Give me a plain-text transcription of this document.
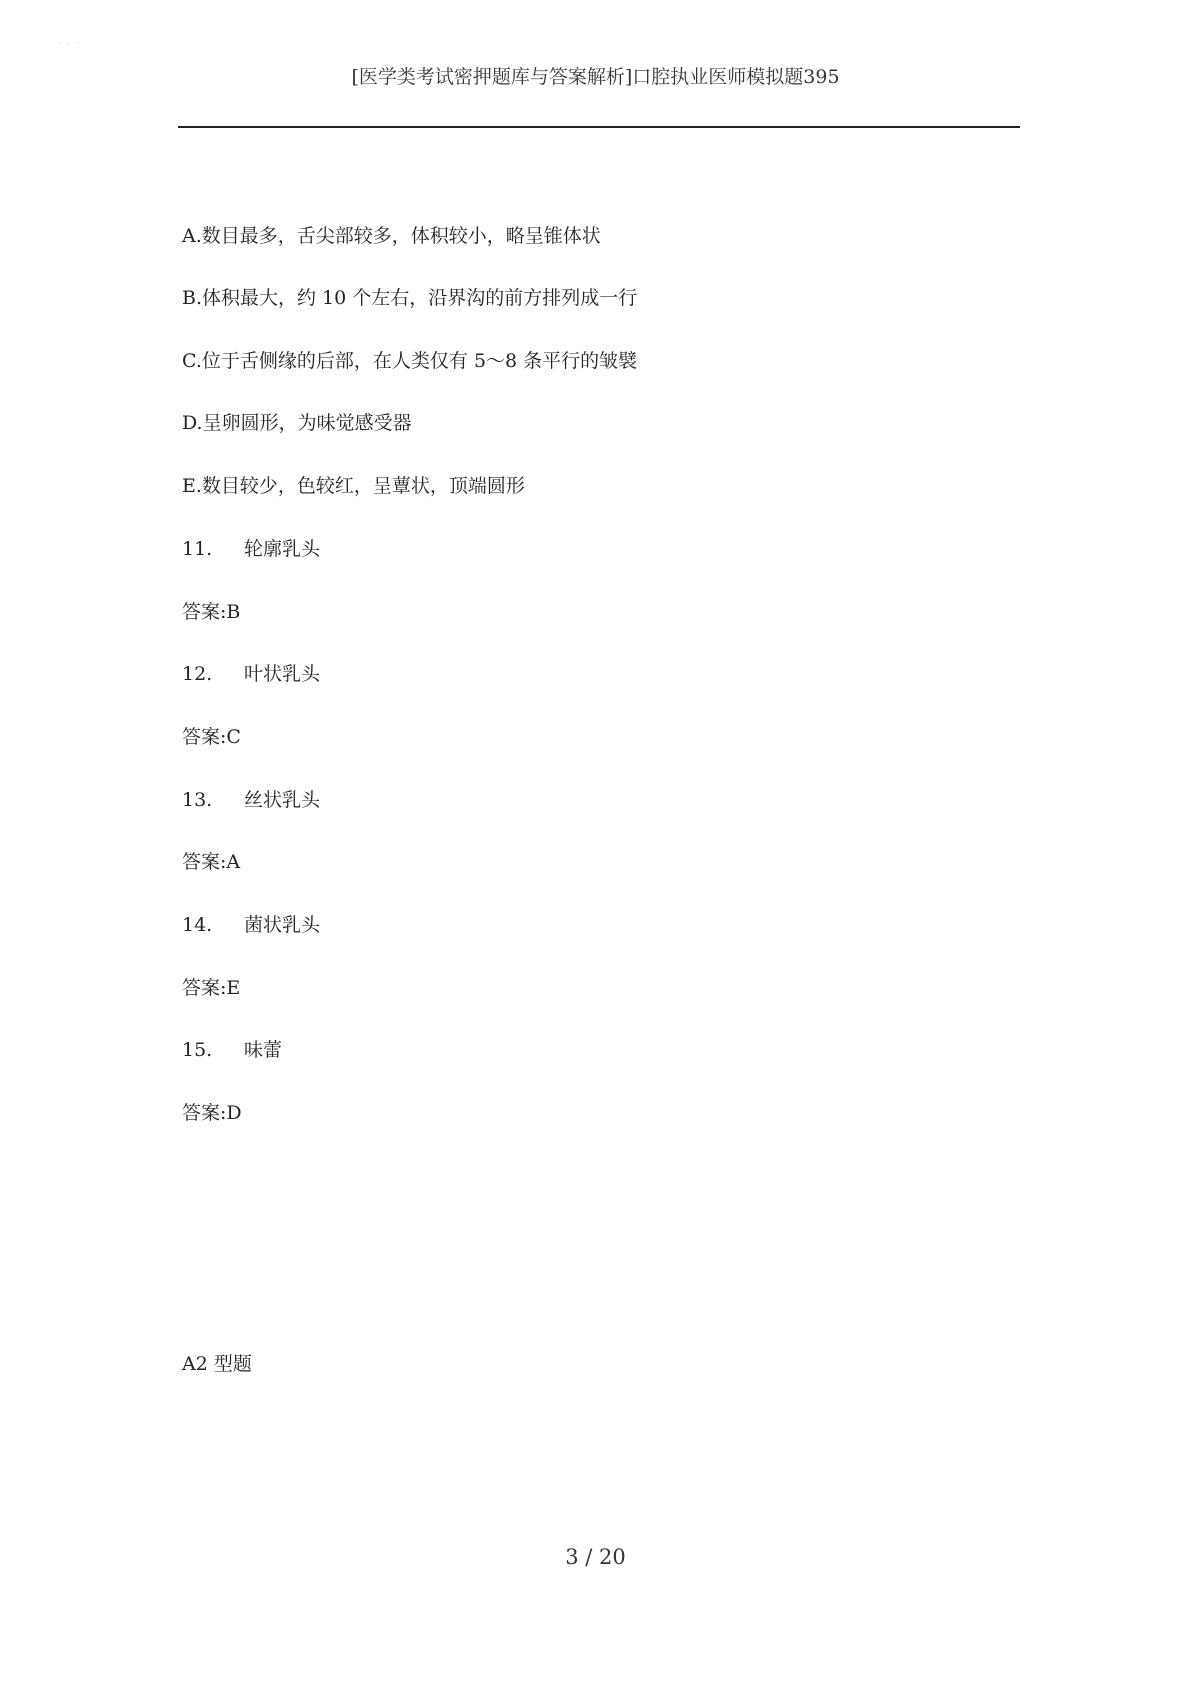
- - -
[医学类考试密押题库与答案解析]口腔执业医师模拟题395
A.数目最多，舌尖部较多，体积较小，略呈锥体状
B.体积最大，约 10 个左右，沿界沟的前方排列成一行
C.位于舌侧缘的后部，在人类仅有 5～8 条平行的皱襞
D.呈卵圆形，为味觉感受器
E.数目较少，色较红，呈蕈状，顶端圆形
11. 轮廓乳头
答案:B
12. 叶状乳头
答案:C
13. 丝状乳头
答案:A
14. 菌状乳头
答案:E
15. 味蕾
答案:D
A2 型题
3 / 20
